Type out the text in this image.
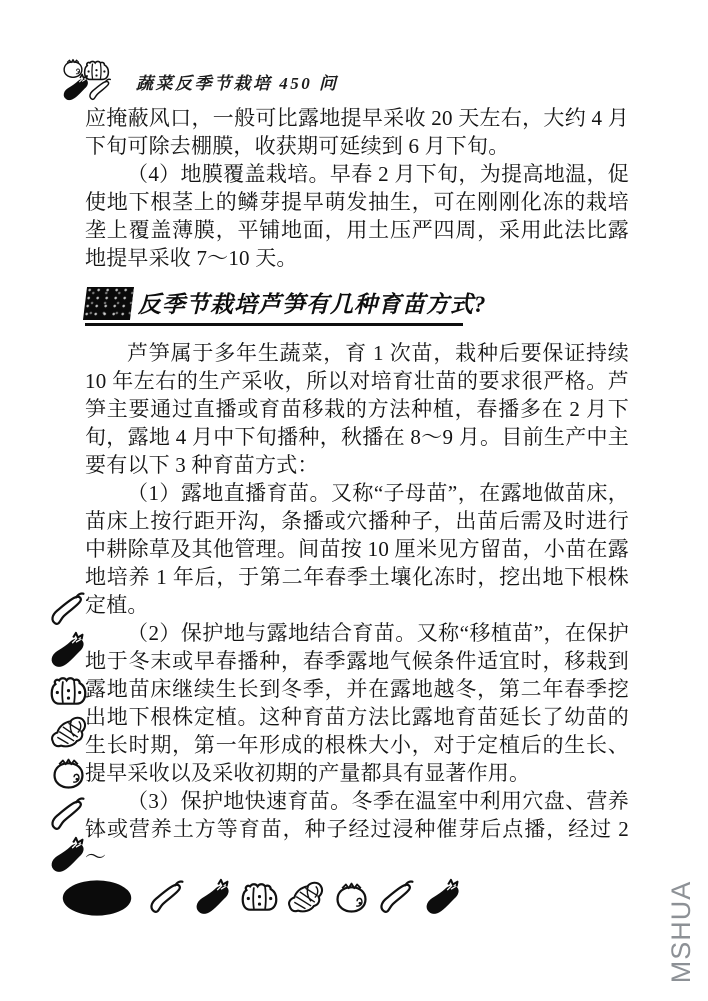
蔬菜反季节栽培 450 问

应掩蔽风口，一般可比露地提早采收 20 天左右，大约 4 月下旬可除去棚膜，收获期可延续到 6 月下旬。

（4）地膜覆盖栽培。早春 2 月下旬，为提高地温，促使地下根茎上的鳞芽提早萌发抽生，可在刚刚化冻的栽培垄上覆盖薄膜，平铺地面，用土压严四周，采用此法比露地提早采收 7～10 天。

反季节栽培芦笋有几种育苗方式?

芦笋属于多年生蔬菜，育 1 次苗，栽种后要保证持续 10 年左右的生产采收，所以对培育壮苗的要求很严格。芦笋主要通过直播或育苗移栽的方法种植，春播多在 2 月下旬，露地 4 月中下旬播种，秋播在 8～9 月。目前生产中主要有以下 3 种育苗方式：

（1）露地直播育苗。又称“子母苗”，在露地做苗床，苗床上按行距开沟，条播或穴播种子，出苗后需及时进行中耕除草及其他管理。间苗按 10 厘米见方留苗，小苗在露地培养 1 年后，于第二年春季土壤化冻时，挖出地下根株定植。

（2）保护地与露地结合育苗。又称“移植苗”，在保护地于冬末或早春播种，春季露地气候条件适宜时，移栽到露地苗床继续生长到冬季，并在露地越冬，第二年春季挖出地下根株定植。这种育苗方法比露地育苗延长了幼苗的生长时期，第一年形成的根株大小，对于定植后的生长、提早采收以及采收初期的产量都具有显著作用。

（3）保护地快速育苗。冬季在温室中利用穴盘、营养钵或营养土方等育苗，种子经过浸种催芽后点播，经过 2～

MSHUA
